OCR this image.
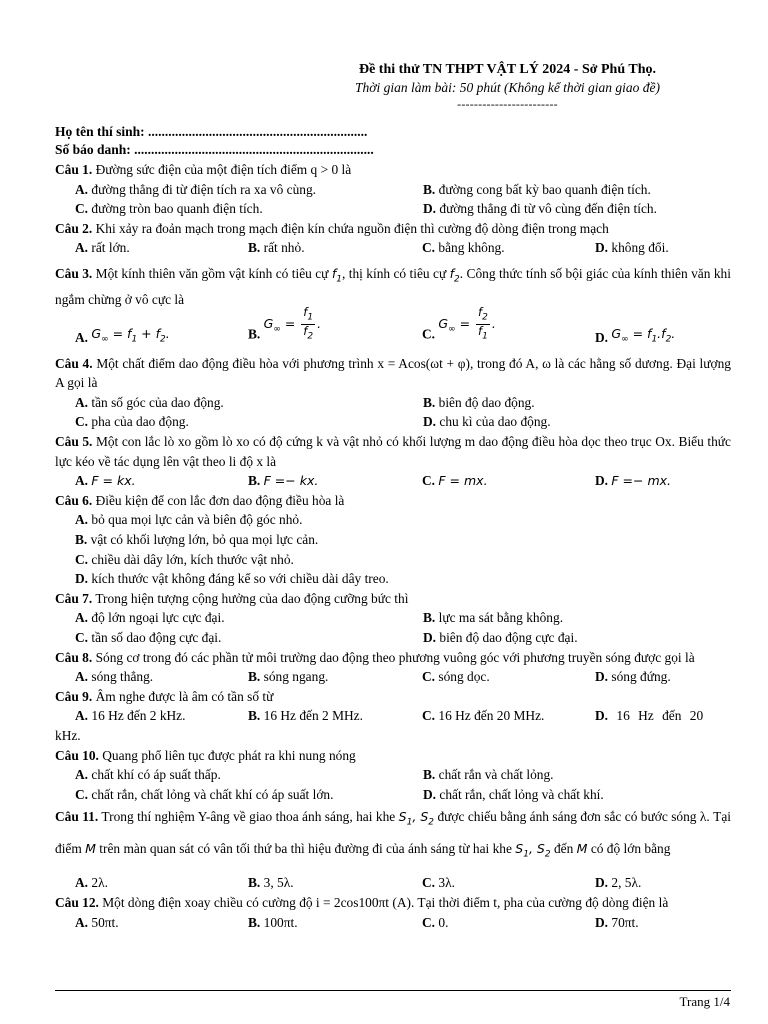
Đề thi thử TN THPT VẬT LÝ 2024 - Sở Phú Thọ.
Thời gian làm bài: 50 phút (Không kể thời gian giao đề)
------------------------
Họ tên thí sinh: .................................................................
Số báo danh: .......................................................................
Câu 1. Đường sức điện của một điện tích điểm q > 0 là
A. đường thẳng đi từ điện tích ra xa vô cùng.	B. đường cong bất kỳ bao quanh điện tích.
C. đường tròn bao quanh điện tích.	D. đường thẳng đi từ vô cùng đến điện tích.
Câu 2. Khi xảy ra đoản mạch trong mạch điện kín chứa nguồn điện thì cường độ dòng điện trong mạch
A. rất lớn.	B. rất nhỏ.	C. bằng không.	D. không đổi.
Câu 3. Một kính thiên văn gồm vật kính có tiêu cự $f_1$, thị kính có tiêu cự $f_2$. Công thức tính số bội giác của kính thiên văn khi ngắm chừng ở vô cực là
A. $G_\infty = f_1 + f_2$.	B. $G_\infty = \frac{f_1}{f_2}$ .
C. $G_\infty = \frac{f_2}{f_1}$ .
D. $G_\infty = f_1.f_2$.
Câu 4. Một chất điểm dao động điều hòa với phương trình x = Acos(ωt + φ), trong đó A, ω là các hằng số dương. Đại lượng A gọi là
A. tần số góc của dao động.	B. biên độ dao động.
C. pha của dao động.	D. chu kì của dao động.
Câu 5. Một con lắc lò xo gồm lò xo có độ cứng k và vật nhỏ có khối lượng m dao động điều hòa dọc theo trục Ox. Biểu thức lực kéo về tác dụng lên vật theo li độ x là
A. F = kx.	B. F =− kx.	C. F = mx.	D. F =− mx.
Câu 6. Điều kiện để con lắc đơn dao động điều hòa là
A. bỏ qua mọi lực cản và biên độ góc nhỏ.
B. vật có khối lượng lớn, bỏ qua mọi lực cản.
C. chiều dài dây lớn, kích thước vật nhỏ.
D. kích thước vật không đáng kể so với chiều dài dây treo.
Câu 7. Trong hiện tượng cộng hưởng của dao động cưỡng bức thì
A. độ lớn ngoại lực cực đại.	B. lực ma sát bằng không.
C. tần số dao động cực đại.	D. biên độ dao động cực đại.
Câu 8. Sóng cơ trong đó các phần tử môi trường dao động theo phương vuông góc với phương truyền sóng được gọi là
A. sóng thẳng.	B. sóng ngang.	C. sóng dọc.	D. sóng đứng.
Câu 9. Âm nghe được là âm có tần số từ
A. 16 Hz đến 2 kHz.	B. 16 Hz đến 2 MHz.	C. 16 Hz đến 20 MHz.	D. 16 Hz đến 20
kHz.
Câu 10. Quang phổ liên tục được phát ra khi nung nóng
A. chất khí có áp suất thấp.	B. chất rắn và chất lỏng.
C. chất rắn, chất lỏng và chất khí có áp suất lớn.	D. chất rắn, chất lỏng và chất khí.
Câu 11. Trong thí nghiệm Y-âng về giao thoa ánh sáng, hai khe $S_1$, $S_2$ được chiếu bằng ánh sáng đơn sắc có bước sóng λ. Tại điểm M trên màn quan sát có vân tối thứ ba thì hiệu đường đi của ánh sáng từ hai khe $S_1$, $S_2$ đến M có độ lớn bằng
A. 2λ.	B. 3, 5λ.	C. 3λ.	D. 2, 5λ.
Câu 12. Một dòng điện xoay chiều có cường độ i = 2cos100πt (A). Tại thời điểm t, pha của cường độ dòng điện là
A. 50πt.	B. 100πt.	C. 0.	D. 70πt.
Trang 1/4
